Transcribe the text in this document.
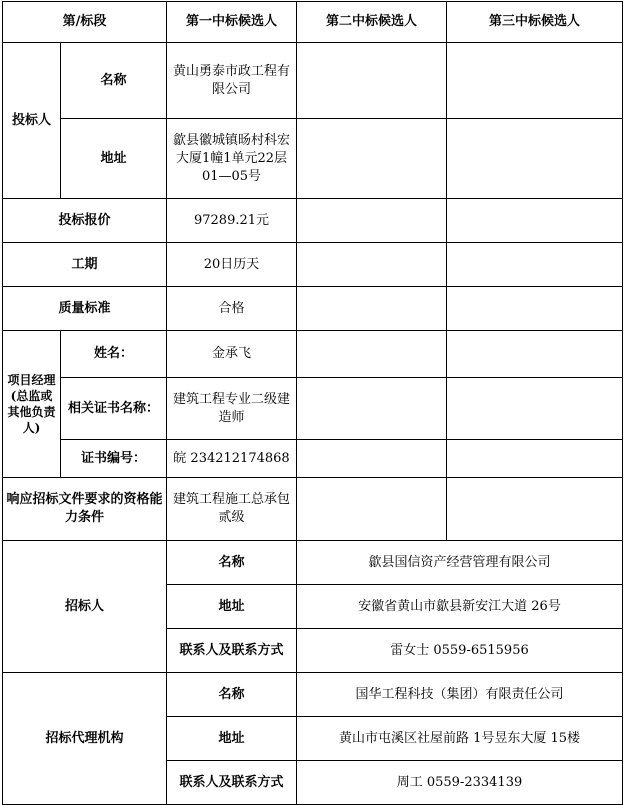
第/标段		第一中标候选人	第二中标候选人	第三中标候选人
投标人	名称	黄山勇泰市政工程有限公司		
	地址	歙县徽城镇旸村科宏大厦1幢1单元22层 01—05号		
投标报价		97289.21元		
工期		20日历天		
质量标准		合格		
项目经理(总监或其他负责人)	姓名：	金承飞		
	相关证书名称：	建筑工程专业二级建造师		
	证书编号：	皖 234212174868		
响应招标文件要求的资格能力条件		建筑工程施工总承包贰级		
招标人		名称	歙县国信资产经营管理有限公司	
		地址	安徽省黄山市歙县新安江大道 26号	
		联系人及联系方式	雷女士 0559-6515956	
招标代理机构		名称	国华工程科技（集团）有限责任公司	
		地址	黄山市屯溪区社屋前路 1号昱东大厦 15楼	
		联系人及联系方式	周工 0559-2334139	
